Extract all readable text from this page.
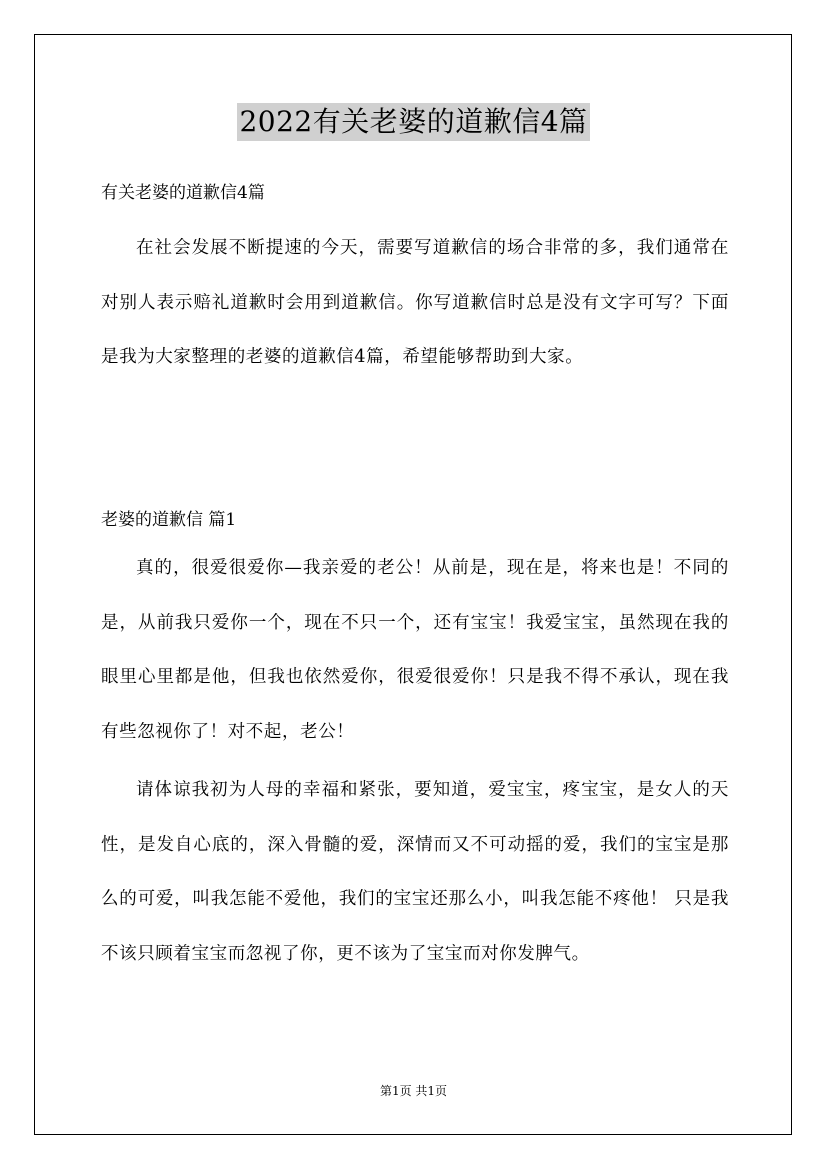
2022有关老婆的道歉信4篇
有关老婆的道歉信4篇

在社会发展不断提速的今天，需要写道歉信的场合非常的多，我们通常在对别人表示赔礼道歉时会用到道歉信。你写道歉信时总是没有文字可写？下面是我为大家整理的老婆的道歉信4篇，希望能够帮助到大家。

老婆的道歉信 篇1

真的，很爱很爱你—我亲爱的老公！从前是，现在是，将来也是！不同的是，从前我只爱你一个，现在不只一个，还有宝宝！我爱宝宝，虽然现在我的眼里心里都是他，但我也依然爱你，很爱很爱你！只是我不得不承认，现在我有些忽视你了！对不起，老公！

请体谅我初为人母的幸福和紧张，要知道，爱宝宝，疼宝宝，是女人的天性，是发自心底的，深入骨髓的爱，深情而又不可动摇的爱，我们的宝宝是那么的可爱，叫我怎能不爱他，我们的宝宝还那么小，叫我怎能不疼他！ 只是我不该只顾着宝宝而忽视了你，更不该为了宝宝而对你发脾气。

第1页 共1页
